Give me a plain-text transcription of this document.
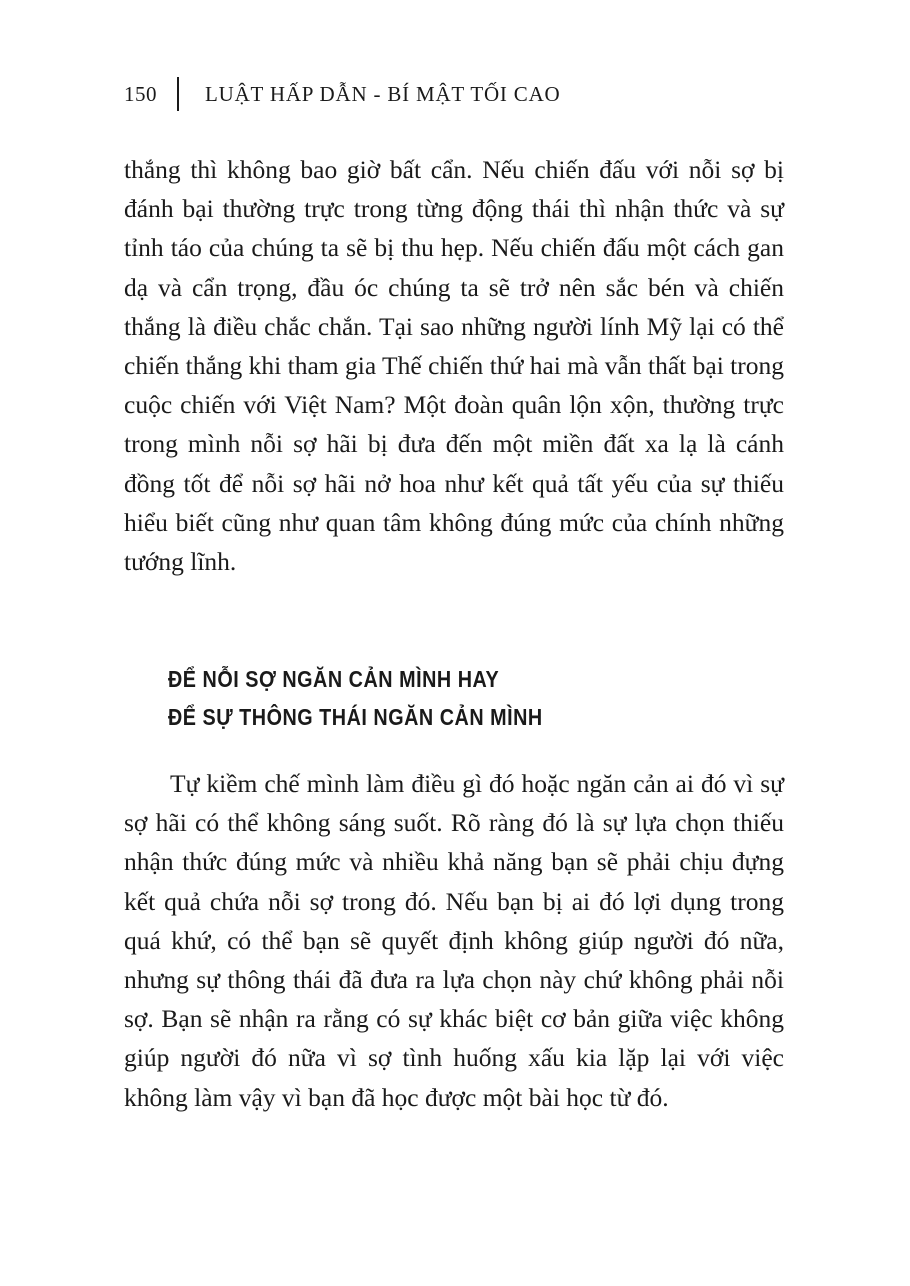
150 LUẬT HẤP DẪN - BÍ MẬT TỐI CAO

thắng thì không bao giờ bất cẩn. Nếu chiến đấu với nỗi sợ bị đánh bại thường trực trong từng động thái thì nhận thức và sự tỉnh táo của chúng ta sẽ bị thu hẹp. Nếu chiến đấu một cách gan dạ và cẩn trọng, đầu óc chúng ta sẽ trở nên sắc bén và chiến thắng là điều chắc chắn. Tại sao những người lính Mỹ lại có thể chiến thắng khi tham gia Thế chiến thứ hai mà vẫn thất bại trong cuộc chiến với Việt Nam? Một đoàn quân lộn xộn, thường trực trong mình nỗi sợ hãi bị đưa đến một miền đất xa lạ là cánh đồng tốt để nỗi sợ hãi nở hoa như kết quả tất yếu của sự thiếu hiểu biết cũng như quan tâm không đúng mức của chính những tướng lĩnh.

ĐỂ NỖI SỢ NGĂN CẢN MÌNH HAY
ĐỂ SỰ THÔNG THÁI NGĂN CẢN MÌNH

Tự kiềm chế mình làm điều gì đó hoặc ngăn cản ai đó vì sự sợ hãi có thể không sáng suốt. Rõ ràng đó là sự lựa chọn thiếu nhận thức đúng mức và nhiều khả năng bạn sẽ phải chịu đựng kết quả chứa nỗi sợ trong đó. Nếu bạn bị ai đó lợi dụng trong quá khứ, có thể bạn sẽ quyết định không giúp người đó nữa, nhưng sự thông thái đã đưa ra lựa chọn này chứ không phải nỗi sợ. Bạn sẽ nhận ra rằng có sự khác biệt cơ bản giữa việc không giúp người đó nữa vì sợ tình huống xấu kia lặp lại với việc không làm vậy vì bạn đã học được một bài học từ đó.
